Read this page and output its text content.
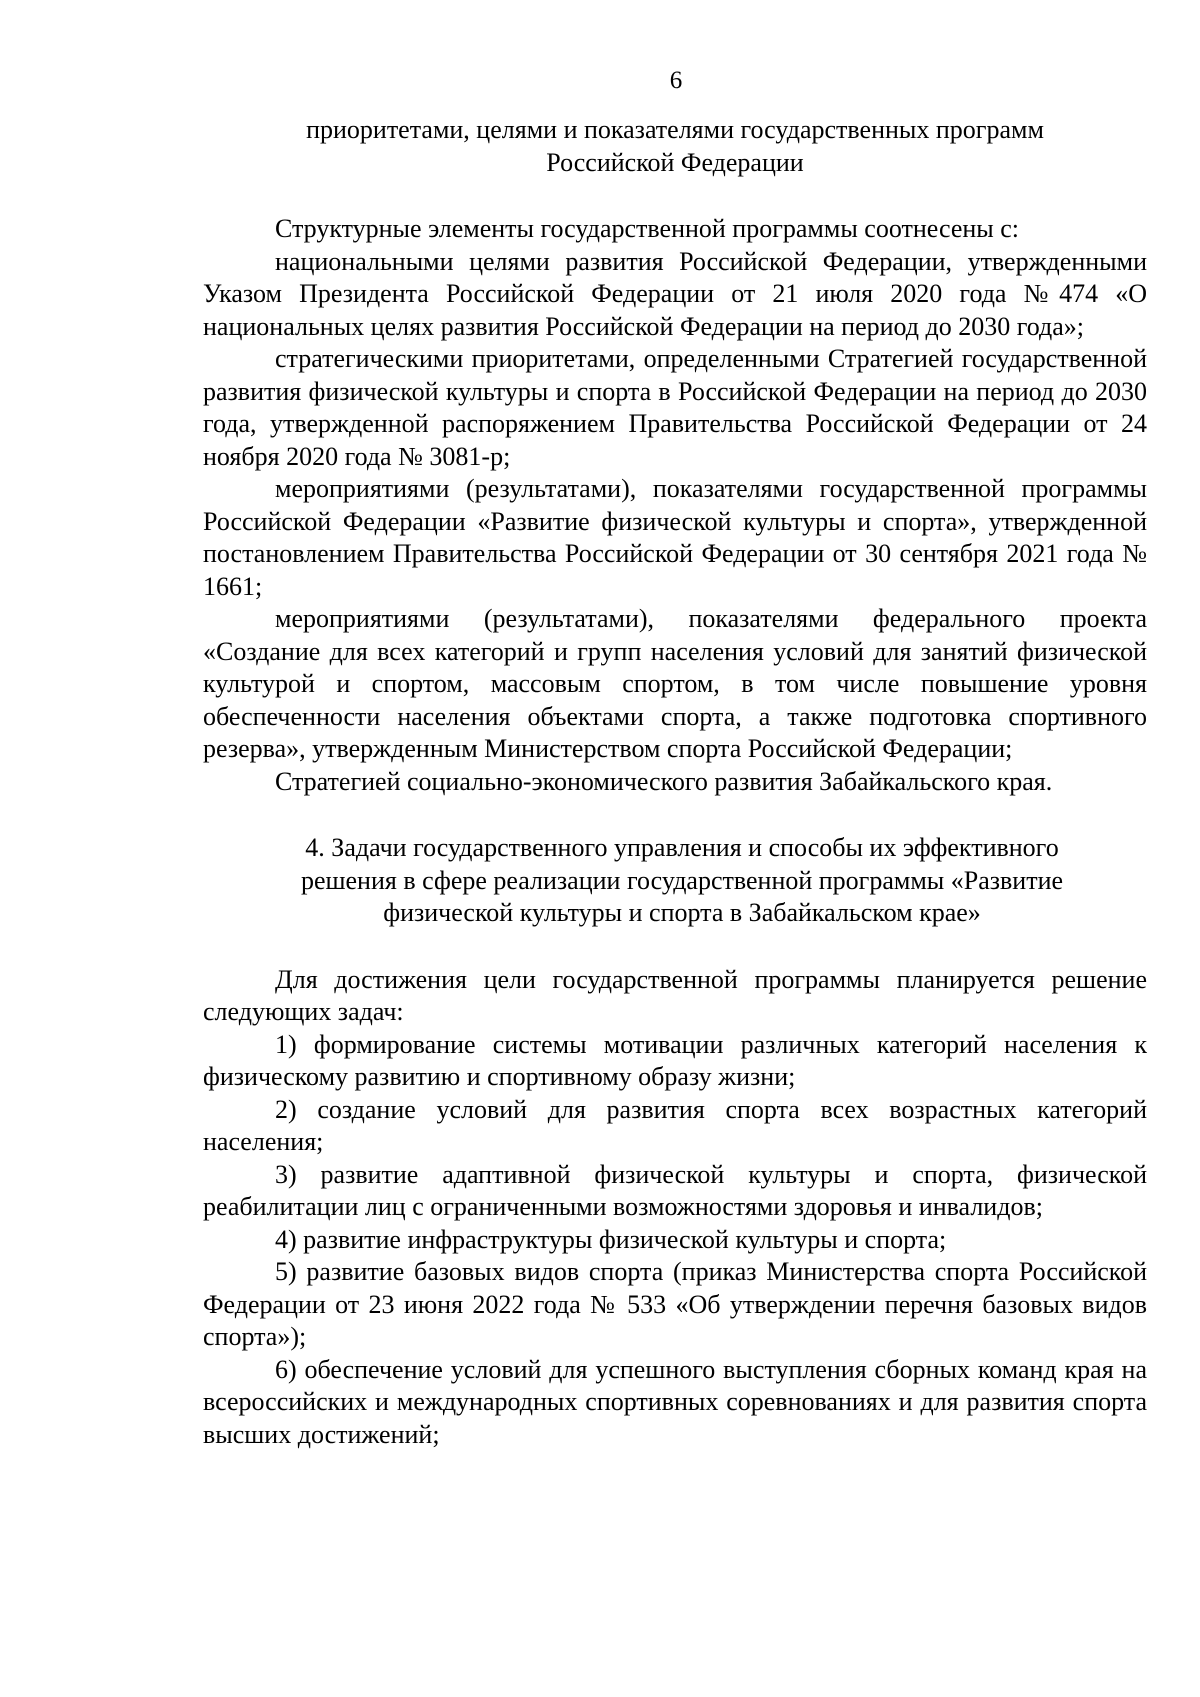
6

приоритетами, целями и показателями государственных программ

Российской Федерации

Структурные элементы государственной программы соотнесены с:

национальными целями развития Российской Федерации, утвержденными Указом Президента Российской Федерации от 21 июля 2020 года №474 «О национальных целях развития Российской Федерации на период до 2030 года»;

стратегическими приоритетами, определенными Стратегией государственной развития физической культуры и спорта в Российской Федерации на период до 2030 года, утвержденной распоряжением Правительства Российской Федерации от 24 ноября 2020 года № 3081-р;

мероприятиями (результатами), показателями государственной программы Российской Федерации «Развитие физической культуры и спорта», утвержденной постановлением Правительства Российской Федерации от 30 сентября 2021 года № 1661;

мероприятиями (результатами), показателями федерального проекта «Создание для всех категорий и групп населения условий для занятий физической культурой и спортом, массовым спортом, в том числе повышение уровня обеспеченности населения объектами спорта, а также подготовка спортивного резерва», утвержденным Министерством спорта Российской Федерации;

Стратегией социально-экономического развития Забайкальского края.

4. Задачи государственного управления и способы их эффективного

решения в сфере реализации государственной программы «Развитие

физической культуры и спорта в Забайкальском крае»

Для достижения цели государственной программы планируется решение следующих задач:

1) формирование системы мотивации различных категорий населения к физическому развитию и спортивному образу жизни;

2) создание условий для развития спорта всех возрастных категорий населения;

3) развитие адаптивной физической культуры и спорта, физической реабилитации лиц с ограниченными возможностями здоровья и инвалидов;

4) развитие инфраструктуры физической культуры и спорта;

5) развитие базовых видов спорта (приказ Министерства спорта Российской Федерации от 23 июня 2022 года № 533 «Об утверждении перечня базовых видов спорта»);

6) обеспечение условий для успешного выступления сборных команд края на всероссийских и международных спортивных соревнованиях и для развития спорта высших достижений;
